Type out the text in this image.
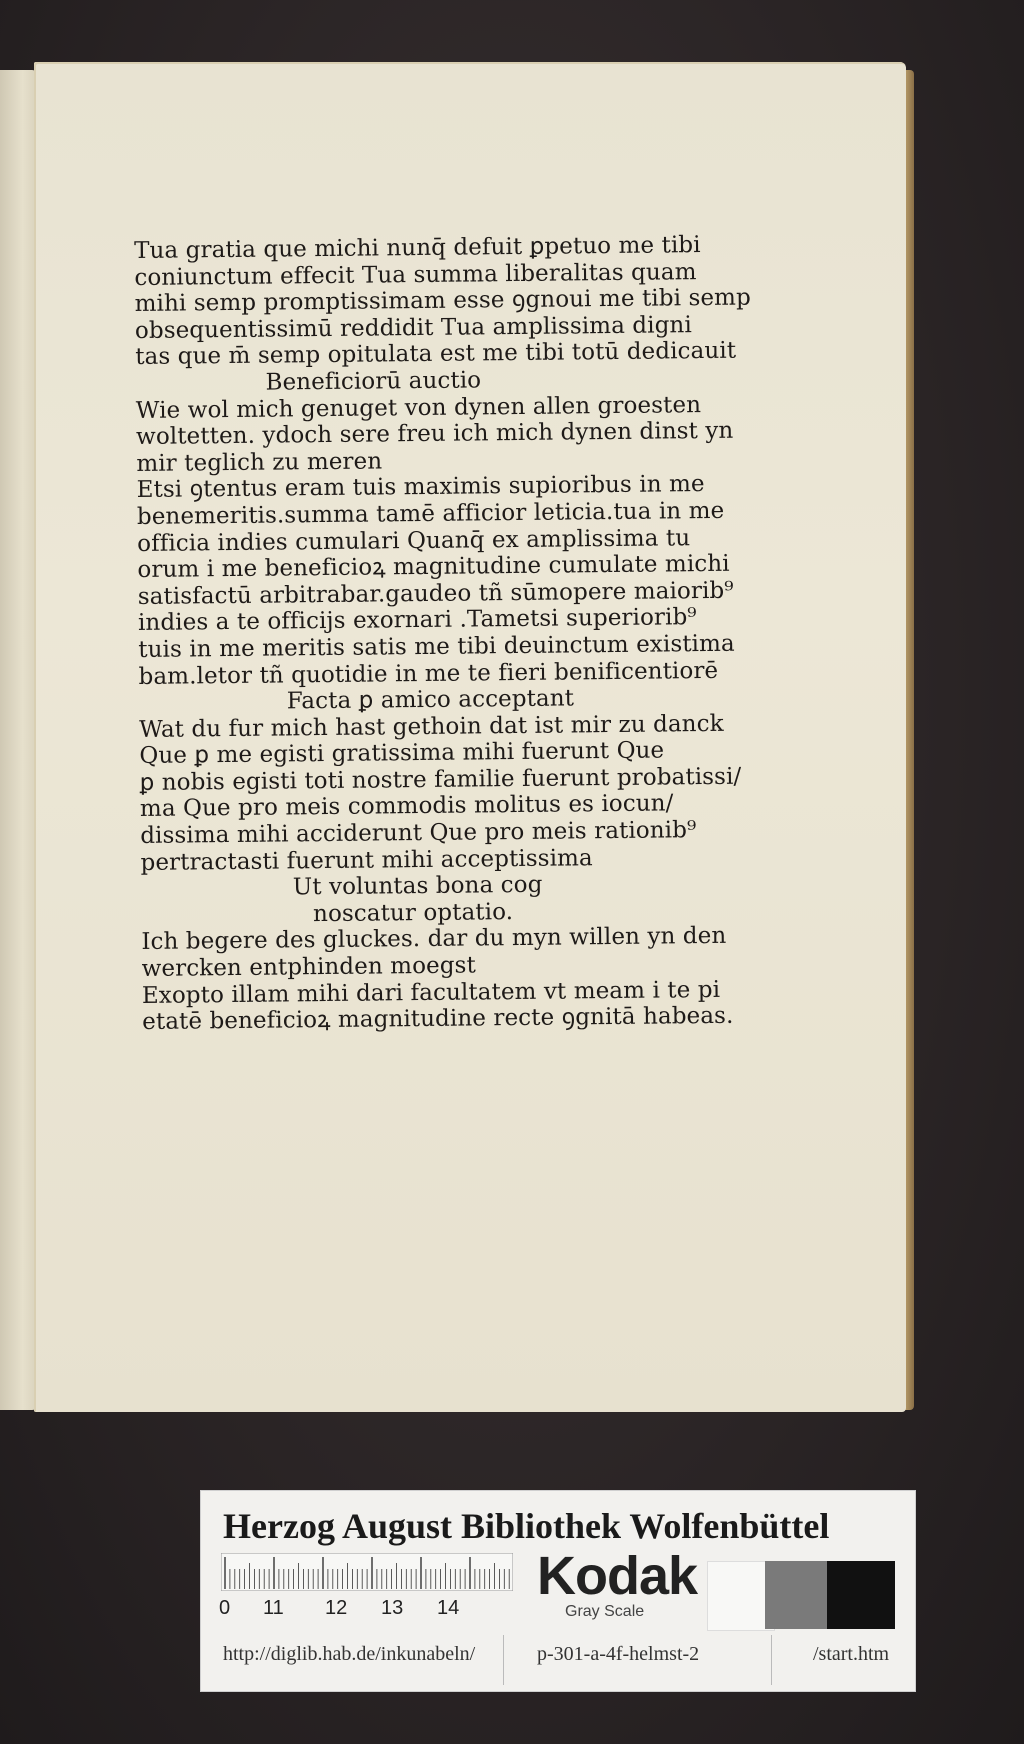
Tua gratia que michi nunq̄ defuit ꝑpetuo me tibi
coniunctum effecit Tua summa liberalitas quam
mihi semp promptissimam esse ꝯgnoui me tibi semp
obsequentissimū reddidit Tua amplissima digni
tas que m̄ semp opitulata est me tibi totū dedicauit
Beneficiorū auctio
Wie wol mich genuget von dynen allen groesten
woltetten. ydoch sere freu ich mich dynen dinst yn
mir teglich zu meren
Etsi ꝯtentus eram tuis maximis supioribus in me
benemeritis.summa tamē afficior leticia.tua in me
officia indies cumulari Quanq̄ ex amplissima tu
orum i me beneficioꝝ magnitudine cumulate michi
satisfactū arbitrabar.gaudeo tñ sūmopere maiorib⁹
indies a te officijs exornari .Tametsi superiorib⁹
tuis in me meritis satis me tibi deuinctum existima
bam.letor tñ quotidie in me te fieri benificentiorē
Facta ꝑ amico acceptant
Wat du fur mich hast gethoin dat ist mir zu danck
Que ꝑ me egisti gratissima mihi fuerunt Que
ꝑ nobis egisti toti nostre familie fuerunt probatissi/
ma Que pro meis commodis molitus es iocun/
dissima mihi acciderunt Que pro meis rationib⁹
pertractasti fuerunt mihi acceptissima
Ut voluntas bona cog
noscatur optatio.
Ich begere des gluckes. dar du myn willen yn den
wercken entphinden moegst
Exopto illam mihi dari facultatem vt meam i te pi
etatē beneficioꝝ magnitudine recte ꝯgnitā habeas.
Herzog August Bibliothek Wolfenbüttel
0 11 12 13 14
Kodak
Gray Scale
http://diglib.hab.de/inkunabeln/	p-301-a-4f-helmst-2	/start.htm
